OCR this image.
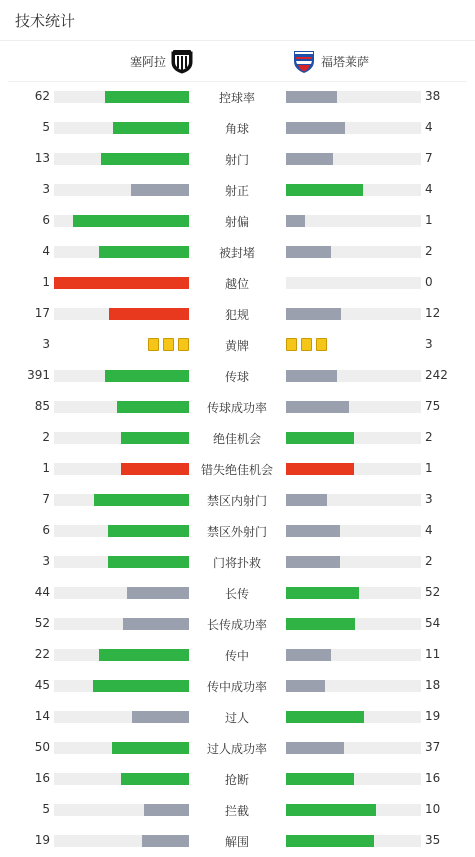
技术统计
塞阿拉	福塔莱萨
62	控球率	38
5	角球	4
13	射门	7
3	射正	4
6	射偏	1
4	被封堵	2
1	越位	0
17	犯规	12
3	黄牌	3
391	传球	242
85	传球成功率	75
2	绝佳机会	2
1	错失绝佳机会	1
7	禁区内射门	3
6	禁区外射门	4
3	门将扑救	2
44	长传	52
52	长传成功率	54
22	传中	11
45	传中成功率	18
14	过人	19
50	过人成功率	37
16	抢断	16
5	拦截	10
19	解围	35
